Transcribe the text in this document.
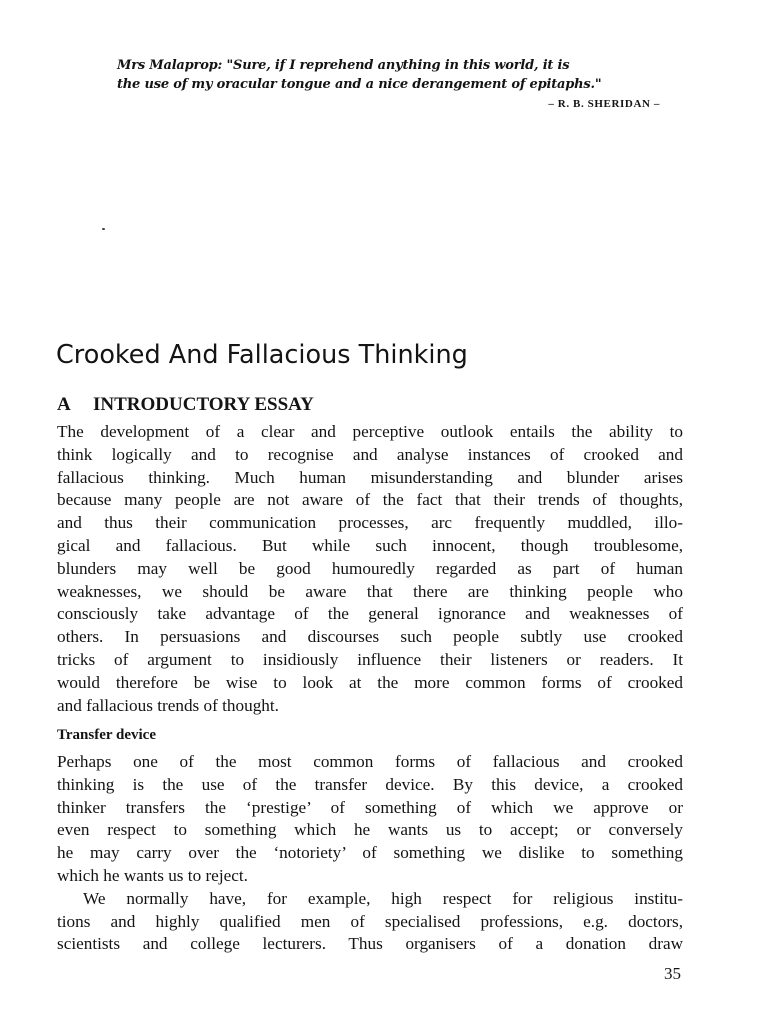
Mrs Malaprop: "Sure, if I reprehend anything in this world, it is
the use of my oracular tongue and a nice derangement of epitaphs."
– R. B. SHERIDAN –
Crooked And Fallacious Thinking
A INTRODUCTORY ESSAY
The development of a clear and perceptive outlook entails the ability to
think logically and to recognise and analyse instances of crooked and
fallacious thinking. Much human misunderstanding and blunder arises
because many people are not aware of the fact that their trends of thoughts,
and thus their communication processes, arc frequently muddled, illo-
gical and fallacious. But while such innocent, though troublesome,
blunders may well be good humouredly regarded as part of human
weaknesses, we should be aware that there are thinking people who
consciously take advantage of the general ignorance and weaknesses of
others. In persuasions and discourses such people subtly use crooked
tricks of argument to insidiously influence their listeners or readers. It
would therefore be wise to look at the more common forms of crooked
and fallacious trends of thought.
Transfer device
Perhaps one of the most common forms of fallacious and crooked
thinking is the use of the transfer device. By this device, a crooked
thinker transfers the ‘prestige’ of something of which we approve or
even respect to something which he wants us to accept; or conversely
he may carry over the ‘notoriety’ of something we dislike to something
which he wants us to reject.
We normally have, for example, high respect for religious institu-
tions and highly qualified men of specialised professions, e.g. doctors,
scientists and college lecturers. Thus organisers of a donation draw
35
